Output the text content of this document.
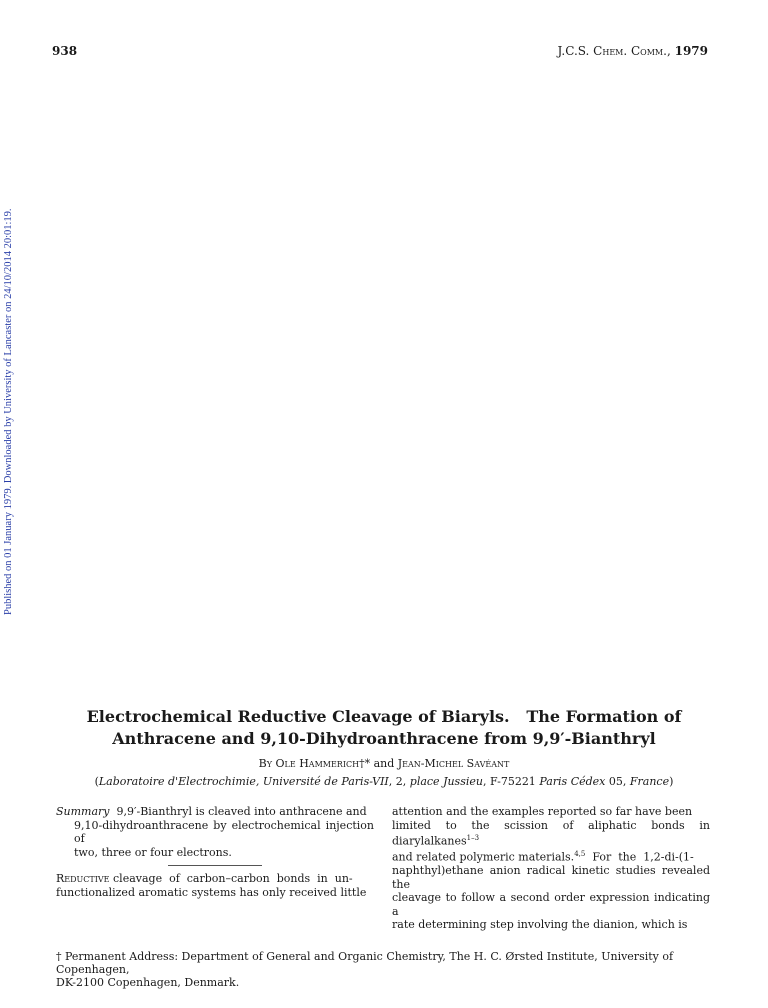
938	J.C.S. Chem. Comm., 1979
Published on 01 January 1979. Downloaded by University of Lancaster on 24/10/2014 20:01:19.
Electrochemical Reductive Cleavage of Biaryls.   The Formation of
Anthracene and 9,10-Dihydroanthracene from 9,9′-Bianthryl
By Ole Hammerich†* and Jean-Michel Savéant
(Laboratoire d'Electrochimie, Université de Paris-VII, 2, place Jussieu, F-75221 Paris Cédex 05, France)
Summary 9,9′-Bianthryl is cleaved into anthracene and
9,10-dihydroanthracene by electrochemical injection of
two, three or four electrons.
Reductive cleavage  of  carbon–carbon  bonds  in  un-
functionalized aromatic systems has only received little
attention and the examples reported so far have been
limited to the scission of aliphatic bonds in diarylalkanes$^{1-3}$
and related polymeric materials.$^{4,5}$  For  the  1,2-di-(1-
naphthyl)ethane anion radical kinetic studies revealed the
cleavage to follow a second order expression indicating a
rate determining step involving the dianion, which is
† Permanent Address: Department of General and Organic Chemistry, The H. C. Ørsted Institute, University of Copenhagen,
DK-2100 Copenhagen, Denmark.
